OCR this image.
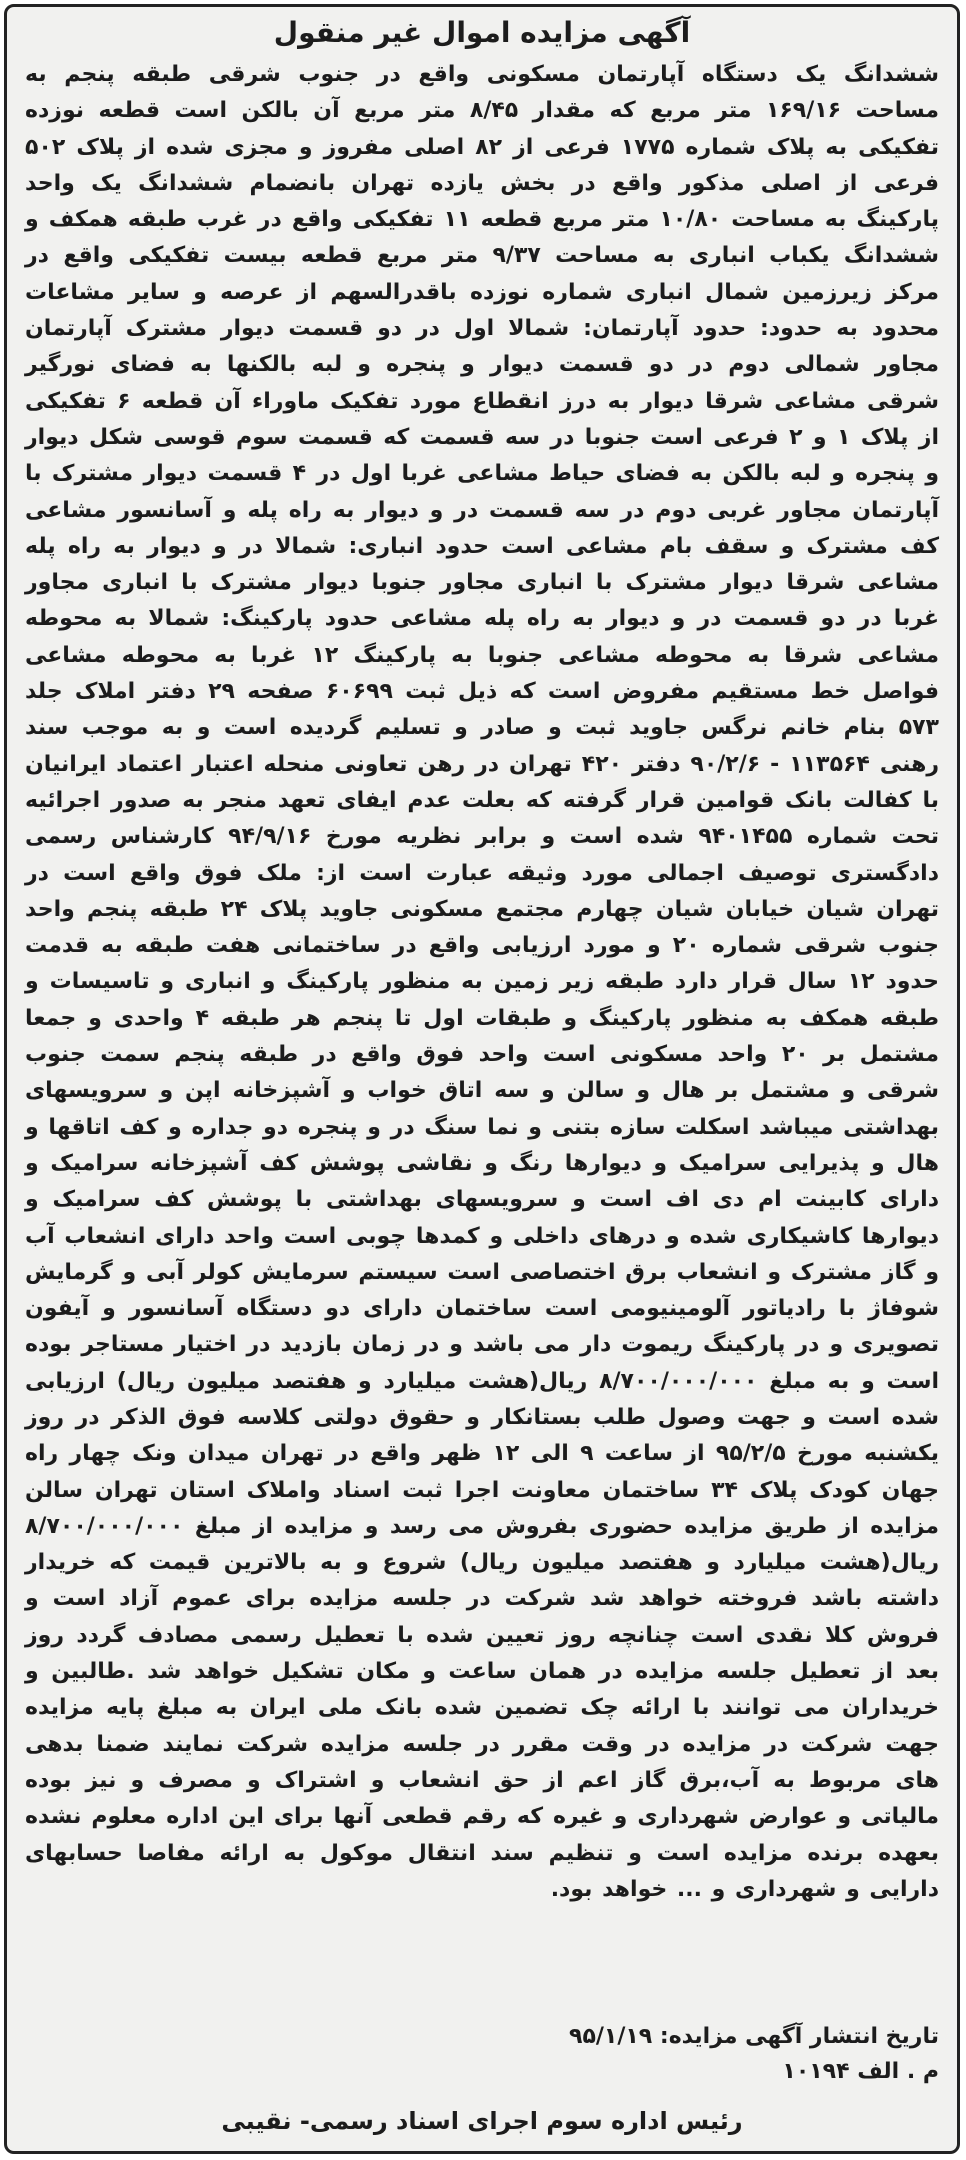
آگهی مزایده اموال غیر منقول

ششدانگ یک دستگاه آپارتمان مسکونی واقع در جنوب شرقی طبقه پنجم به مساحت ۱۶۹/۱۶ متر مربع که مقدار ۸/۴۵ متر مربع آن بالکن است قطعه نوزده تفکیکی به پلاک شماره ۱۷۷۵ فرعی از ۸۲ اصلی مفروز و مجزی شده از پلاک ۵۰۲ فرعی از اصلی مذکور واقع در بخش یازده تهران بانضمام ششدانگ یک واحد پارکینگ به مساحت ۱۰/۸۰ متر مربع قطعه ۱۱ تفکیکی واقع در غرب طبقه همکف و ششدانگ یکباب انباری به مساحت ۹/۳۷ متر مربع قطعه بیست تفکیکی واقع در مرکز زیرزمین شمال انباری شماره نوزده باقدرالسهم از عرصه و سایر مشاعات محدود به حدود: حدود آپارتمان: شمالا اول در دو قسمت دیوار مشترک آپارتمان مجاور شمالی دوم در دو قسمت دیوار و پنجره و لبه بالکنها به فضای نورگیر شرقی مشاعی شرقا دیوار به درز انقطاع مورد تفکیک ماوراء آن قطعه ۶ تفکیکی از پلاک ۱ و ۲ فرعی است جنوبا در سه قسمت که قسمت سوم قوسی شکل دیوار و پنجره و لبه بالکن به فضای حیاط مشاعی غربا اول در ۴ قسمت دیوار مشترک با آپارتمان مجاور غربی دوم در سه قسمت در و دیوار به راه پله و آسانسور مشاعی کف مشترک و سقف بام مشاعی است حدود انباری: شمالا در و دیوار به راه پله مشاعی شرقا دیوار مشترک با انباری مجاور جنوبا دیوار مشترک با انباری مجاور غربا در دو قسمت در و دیوار به راه پله مشاعی حدود پارکینگ: شمالا به محوطه مشاعی شرقا به محوطه مشاعی جنوبا به پارکینگ ۱۲ غربا به محوطه مشاعی فواصل خط مستقیم مفروض است که ذیل ثبت ۶۰۶۹۹ صفحه ۲۹ دفتر املاک جلد ۵۷۳ بنام خانم نرگس جاوید ثبت و صادر و تسلیم گردیده است و به موجب سند رهنی ۱۱۳۵۶۴ - ۹۰/۲/۶ دفتر ۴۲۰ تهران در رهن تعاونی منحله اعتبار اعتماد ایرانیان با کفالت بانک قوامین قرار گرفته که بعلت عدم ایفای تعهد منجر به صدور اجرائیه تحت شماره ۹۴۰۱۴۵۵ شده است و برابر نظریه مورخ ۹۴/۹/۱۶ کارشناس رسمی دادگستری توصیف اجمالی مورد وثیقه عبارت است از: ملک فوق واقع است در تهران شیان خیابان شیان چهارم مجتمع مسکونی جاوید پلاک ۲۴ طبقه پنجم واحد جنوب شرقی شماره ۲۰ و مورد ارزیابی واقع در ساختمانی هفت طبقه به قدمت حدود ۱۲ سال قرار دارد طبقه زیر زمین به منظور پارکینگ و انباری و تاسیسات و طبقه همکف به منظور پارکینگ و طبقات اول تا پنجم هر طبقه ۴ واحدی و جمعا مشتمل بر ۲۰ واحد مسکونی است واحد فوق واقع در طبقه پنجم سمت جنوب شرقی و مشتمل بر هال و سالن و سه اتاق خواب و آشپزخانه اپن و سرویسهای بهداشتی میباشد اسکلت سازه بتنی و نما سنگ در و پنجره دو جداره و کف اتاقها و هال و پذیرایی سرامیک و دیوارها رنگ و نقاشی پوشش کف آشپزخانه سرامیک و دارای کابینت ام دی اف است و سرویسهای بهداشتی با پوشش کف سرامیک و دیوارها کاشیکاری شده و درهای داخلی و کمدها چوبی است واحد دارای انشعاب آب و گاز مشترک و انشعاب برق اختصاصی است سیستم سرمایش کولر آبی و گرمایش شوفاژ با رادیاتور آلومینیومی است ساختمان دارای دو دستگاه آسانسور و آیفون تصویری و در پارکینگ ریموت دار می باشد و در زمان بازدید در اختیار مستاجر بوده است و به مبلغ ۸/۷۰۰/۰۰۰/۰۰۰ ریال(هشت میلیارد و هفتصد میلیون ریال) ارزیابی شده است و جهت وصول طلب بستانکار و حقوق دولتی کلاسه فوق الذکر در روز یکشنبه مورخ ۹۵/۲/۵ از ساعت ۹ الی ۱۲ ظهر واقع در تهران میدان ونک چهار راه جهان کودک پلاک ۳۴ ساختمان معاونت اجرا ثبت اسناد واملاک استان تهران سالن مزایده از طریق مزایده حضوری بفروش می رسد و مزایده از مبلغ ۸/۷۰۰/۰۰۰/۰۰۰ ریال(هشت میلیارد و هفتصد میلیون ریال) شروع و به بالاترین قیمت که خریدار داشته باشد فروخته خواهد شد شرکت در جلسه مزایده برای عموم آزاد است و فروش کلا نقدی است چنانچه روز تعیین شده با تعطیل رسمی مصادف گردد روز بعد از تعطیل جلسه مزایده در همان ساعت و مکان تشکیل خواهد شد .طالبین و خریداران می توانند با ارائه چک تضمین شده بانک ملی ایران به مبلغ پایه مزایده جهت شرکت در مزایده در وقت مقرر در جلسه مزایده شرکت نمایند ضمنا بدهی های مربوط به آب،برق گاز اعم از حق انشعاب و اشتراک و مصرف و نیز بوده مالیاتی و عوارض شهرداری و غیره که رقم قطعی آنها برای این اداره معلوم نشده بعهده برنده مزایده است و تنظیم سند انتقال موکول به ارائه مفاصا حسابهای دارایی و شهرداری و ... خواهد بود.

تاریخ انتشار آگهی مزایده: ۹۵/۱/۱۹

م . الف ۱۰۱۹۴

رئیس اداره سوم اجرای اسناد رسمی- نقیبی
